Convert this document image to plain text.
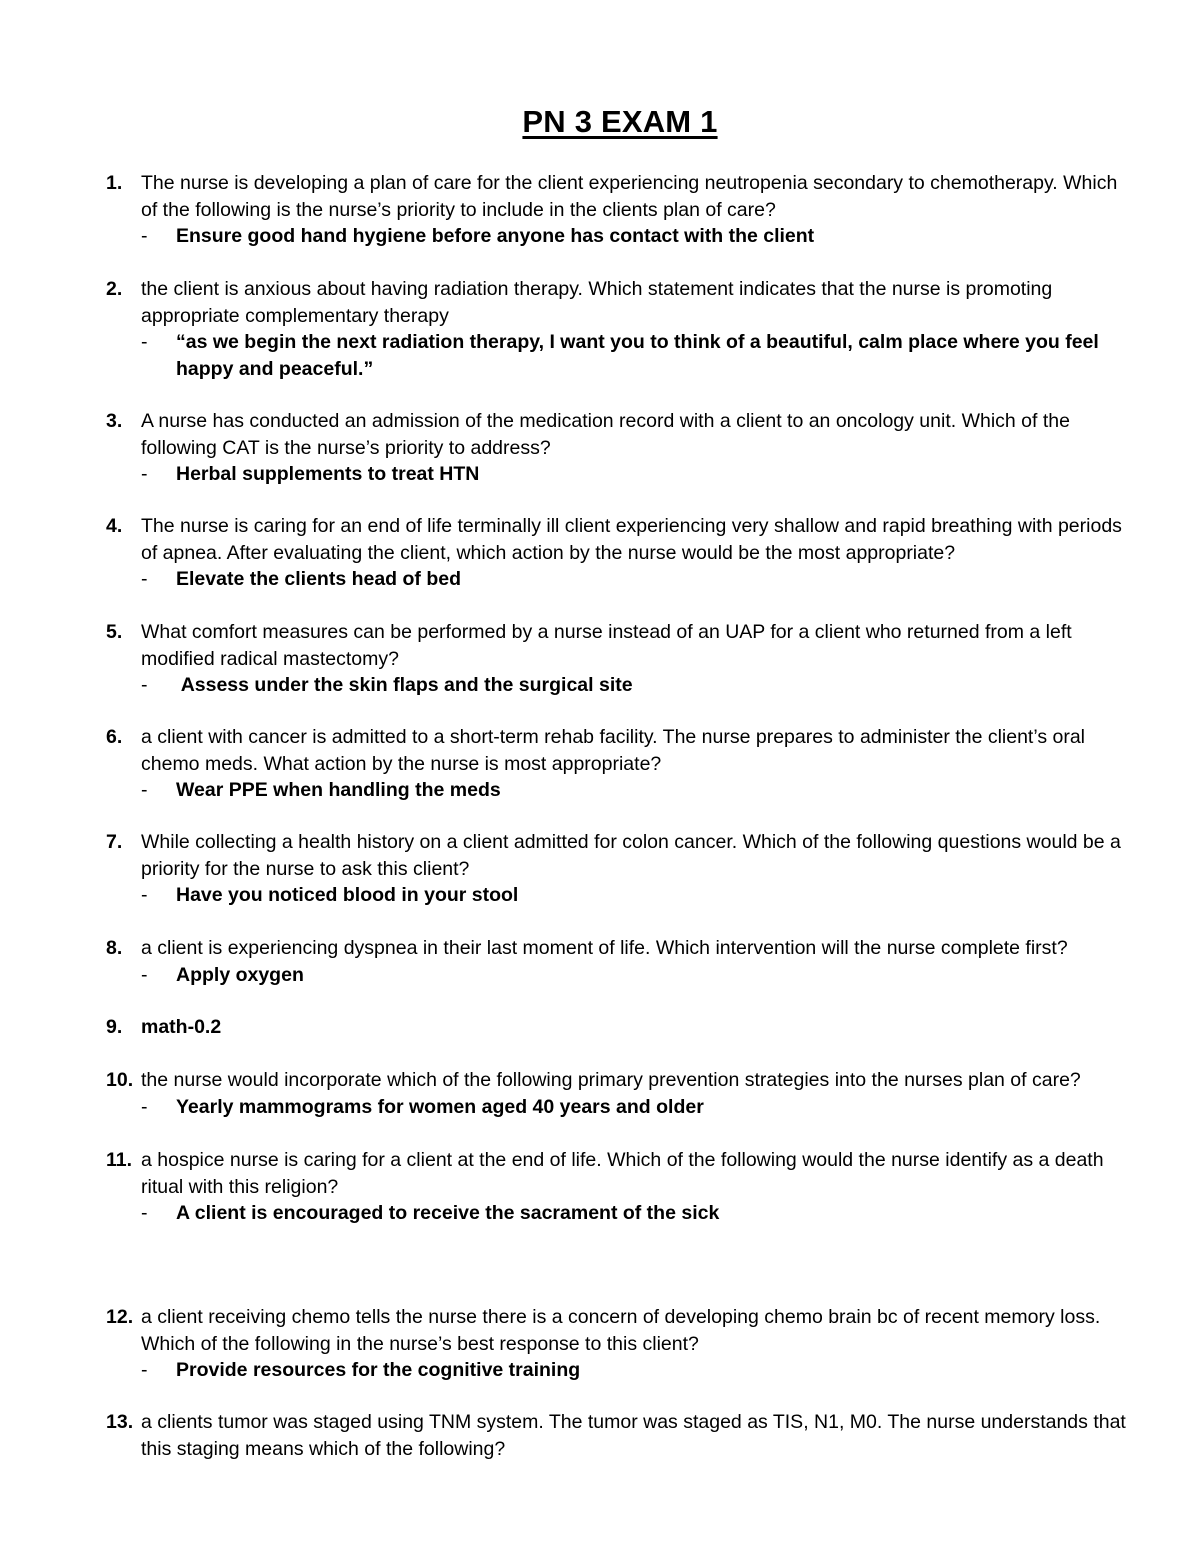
PN 3 EXAM 1
1. The nurse is developing a plan of care for the client experiencing neutropenia secondary to chemotherapy. Which of the following is the nurse’s priority to include in the clients plan of care?
- Ensure good hand hygiene before anyone has contact with the client
2. the client is anxious about having radiation therapy. Which statement indicates that the nurse is promoting appropriate complementary therapy
- “as we begin the next radiation therapy, I want you to think of a beautiful, calm place where you feel happy and peaceful.”
3. A nurse has conducted an admission of the medication record with a client to an oncology unit. Which of the following CAT is the nurse’s priority to address?
- Herbal supplements to treat HTN
4. The nurse is caring for an end of life terminally ill client experiencing very shallow and rapid breathing with periods of apnea. After evaluating the client, which action by the nurse would be the most appropriate?
- Elevate the clients head of bed
5. What comfort measures can be performed by a nurse instead of an UAP for a client who returned from a left modified radical mastectomy?
- Assess under the skin flaps and the surgical site
6. a client with cancer is admitted to a short-term rehab facility. The nurse prepares to administer the client’s oral chemo meds. What action by the nurse is most appropriate?
- Wear PPE when handling the meds
7. While collecting a health history on a client admitted for colon cancer. Which of the following questions would be a priority for the nurse to ask this client?
- Have you noticed blood in your stool
8. a client is experiencing dyspnea in their last moment of life. Which intervention will the nurse complete first?
- Apply oxygen
9. math-0.2
10. the nurse would incorporate which of the following primary prevention strategies into the nurses plan of care?
- Yearly mammograms for women aged 40 years and older
11. a hospice nurse is caring for a client at the end of life. Which of the following would the nurse identify as a death ritual with this religion?
- A client is encouraged to receive the sacrament of the sick
12. a client receiving chemo tells the nurse there is a concern of developing chemo brain bc of recent memory loss. Which of the following in the nurse’s best response to this client?
- Provide resources for the cognitive training
13. a clients tumor was staged using TNM system. The tumor was staged as TIS, N1, M0. The nurse understands that this staging means which of the following?
